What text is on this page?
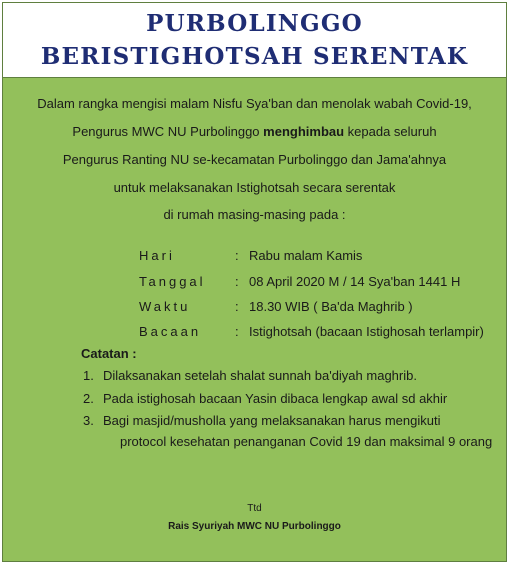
PURBOLINGGO
BERISTIGHOTSAH SERENTAK
Dalam rangka mengisi malam Nisfu Sya'ban dan menolak wabah Covid-19,
Pengurus MWC NU Purbolinggo menghimbau kepada seluruh
Pengurus Ranting NU se-kecamatan Purbolinggo dan Jama'ahnya
untuk melaksanakan Istighotsah secara serentak
di rumah masing-masing pada :
Hari	: Rabu malam Kamis
Tanggal : 08 April 2020 M / 14 Sya'ban 1441 H
Waktu	: 18.30 WIB ( Ba'da Maghrib )
Bacaan	: Istighotsah (bacaan Istighosah terlampir)
Catatan :
1. Dilaksanakan setelah shalat sunnah ba'diyah maghrib.
2. Pada istighosah bacaan Yasin dibaca lengkap awal sd akhir
3. Bagi masjid/musholla yang melaksanakan harus mengikuti
protocol kesehatan penanganan Covid 19 dan maksimal 9 orang
Ttd
Rais Syuriyah MWC NU Purbolinggo
